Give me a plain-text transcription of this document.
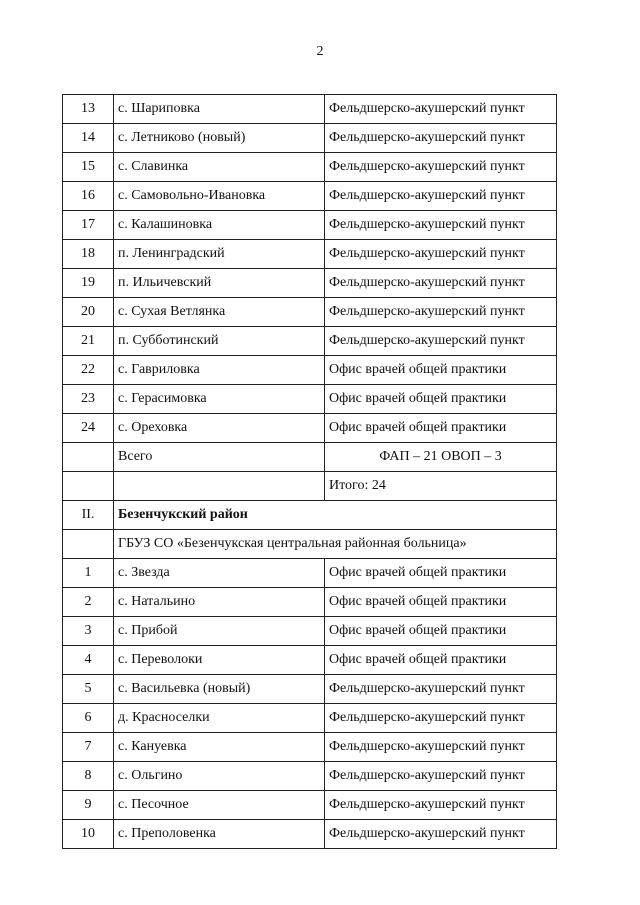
2
13	с. Шариповка	Фельдшерско-акушерский пункт
14	с. Летниково (новый)	Фельдшерско-акушерский пункт
15	с. Славинка	Фельдшерско-акушерский пункт
16	с. Самовольно-Ивановка	Фельдшерско-акушерский пункт
17	с. Калашиновка	Фельдшерско-акушерский пункт
18	п. Ленинградский	Фельдшерско-акушерский пункт
19	п. Ильичевский	Фельдшерско-акушерский пункт
20	с. Сухая Ветлянка	Фельдшерско-акушерский пункт
21	п. Субботинский	Фельдшерско-акушерский пункт
22	с. Гавриловка	Офис врачей общей практики
23	с. Герасимовка	Офис врачей общей практики
24	с. Ореховка	Офис врачей общей практики
	Всего	ФАП – 21 ОВОП – 3
		Итого: 24
II.	Безенчукский район	
	ГБУЗ СО «Безенчукская центральная районная больница»	
1	с. Звезда	Офис врачей общей практики
2	с. Натальино	Офис врачей общей практики
3	с. Прибой	Офис врачей общей практики
4	с. Переволоки	Офис врачей общей практики
5	с. Васильевка (новый)	Фельдшерско-акушерский пункт
6	д. Красноселки	Фельдшерско-акушерский пункт
7	с. Кануевка	Фельдшерско-акушерский пункт
8	с. Ольгино	Фельдшерско-акушерский пункт
9	с. Песочное	Фельдшерско-акушерский пункт
10	с. Преполовенка	Фельдшерско-акушерский пункт
